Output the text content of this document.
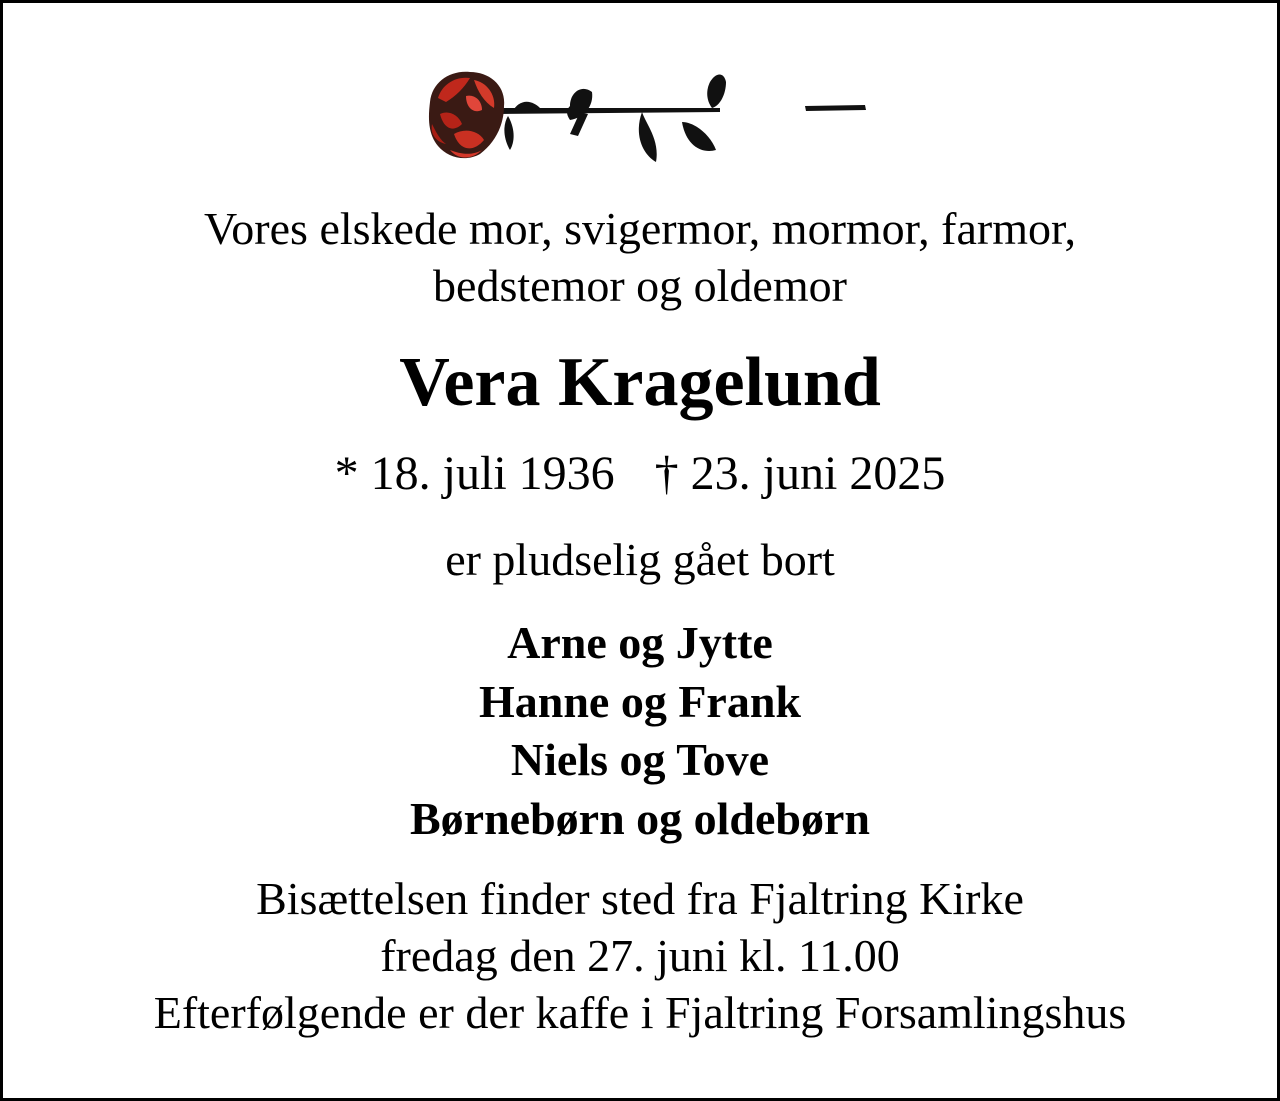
Vores elskede mor, svigermor, mormor, farmor,
bedstemor og oldemor
Vera Kragelund
* 18. juli 1936 † 23. juni 2025
er pludselig gået bort
Arne og Jytte
Hanne og Frank
Niels og Tove
Børnebørn og oldebørn
Bisættelsen finder sted fra Fjaltring Kirke
fredag den 27. juni kl. 11.00
Efterfølgende er der kaffe i Fjaltring Forsamlingshus
